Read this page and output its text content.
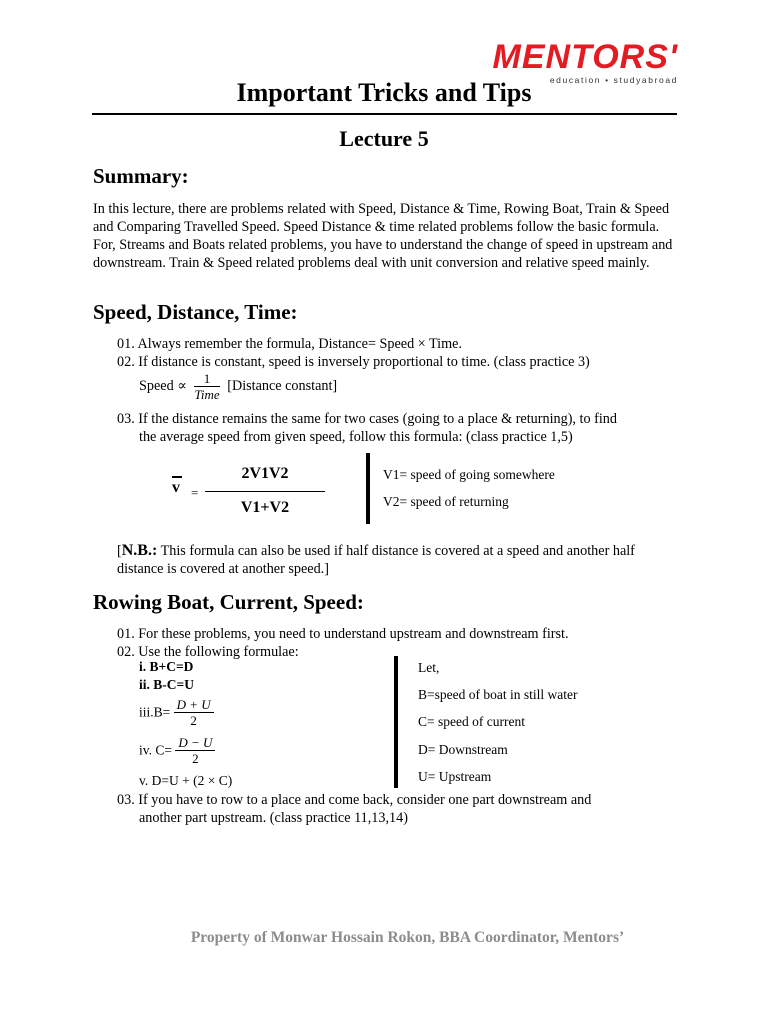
MENTORS'
education • studyabroad
Important Tricks and Tips
Lecture 5
Summary:
In this lecture, there are problems related with Speed, Distance & Time, Rowing Boat, Train & Speed and Comparing Travelled Speed. Speed Distance & time related problems follow the basic formula. For, Streams and Boats related problems, you have to understand the change of speed in upstream and downstream. Train & Speed related problems deal with unit conversion and relative speed mainly.
Speed, Distance, Time:
01. Always remember the formula, Distance= Speed × Time.
02. If distance is constant, speed is inversely proportional to time. (class practice 3)
Speed ∝ $\frac{1}{\text{Time}}$ [Distance constant]
03. If the distance remains the same for two cases (going to a place & returning), to find
the average speed from given speed, follow this formula: (class practice 1,5)
v =
2V1V2
V1+V2
V1= speed of going somewhere
V2= speed of returning
[N.B.: This formula can also be used if half distance is covered at a speed and another half distance is covered at another speed.]
Rowing Boat, Current, Speed:
01. For these problems, you need to understand upstream and downstream first.
02. Use the following formulae:
i. B+C=D
ii. B-C=U
$iii.B= \frac{D + U}{2}$
iv. $C= \frac{D - U}{2}$
v. D=U + (2 × C)
Let,
B=speed of boat in still water
C= speed of current
D= Downstream
U= Upstream
03. If you have to row to a place and come back, consider one part downstream and
another part upstream. (class practice 11,13,14)
Property of Monwar Hossain Rokon, BBA Coordinator, Mentors’
